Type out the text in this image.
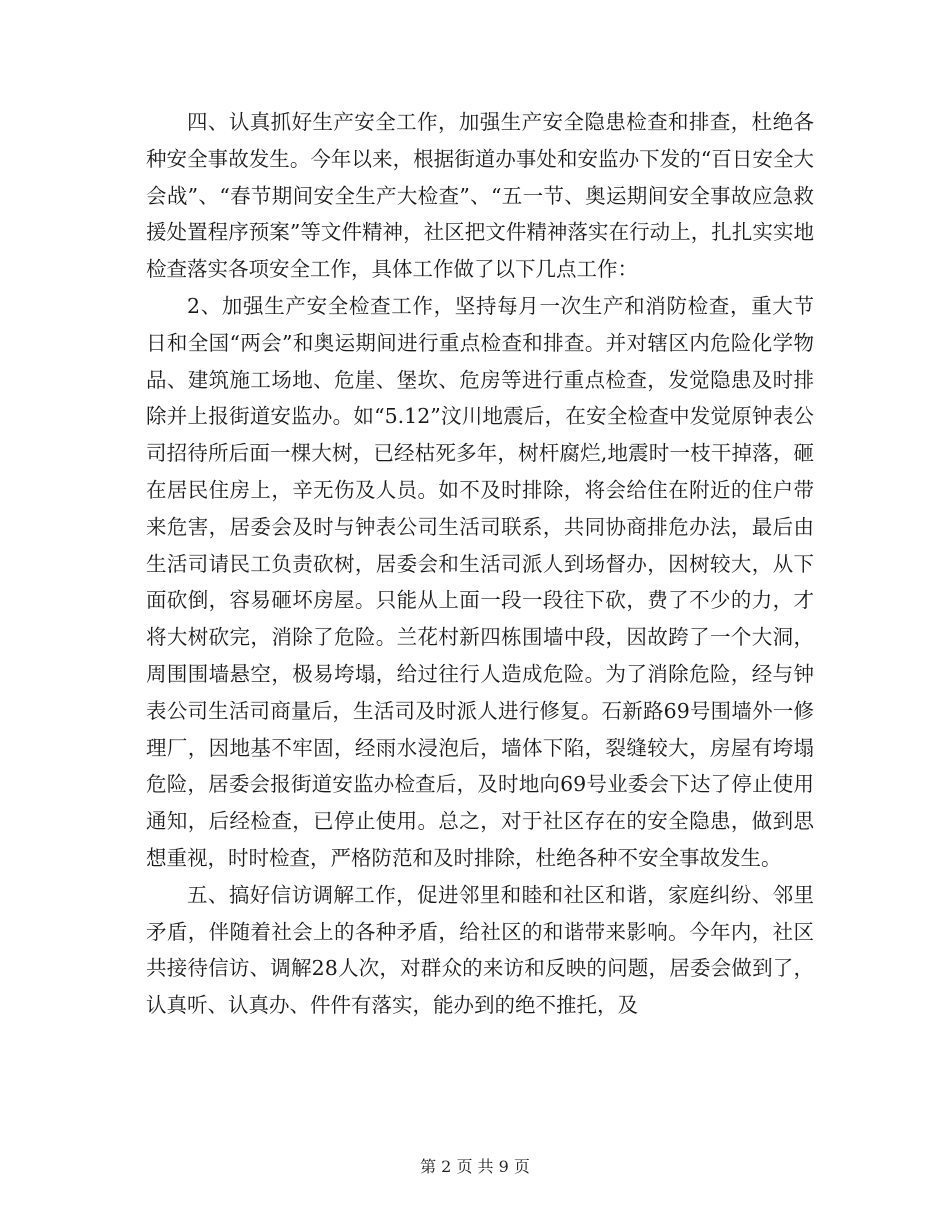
四、认真抓好生产安全工作，加强生产安全隐患检查和排查，杜绝各种安全事故发生。今年以来，根据街道办事处和安监办下发的“百日安全大会战”、“春节期间安全生产大检查”、“五一节、奥运期间安全事故应急救援处置程序预案”等文件精神，社区把文件精神落实在行动上，扎扎实实地检查落实各项安全工作，具体工作做了以下几点工作：

2、加强生产安全检查工作，坚持每月一次生产和消防检查，重大节日和全国“两会”和奥运期间进行重点检查和排查。并对辖区内危险化学物品、建筑施工场地、危崖、堡坎、危房等进行重点检查，发觉隐患及时排除并上报街道安监办。如“5.12”汶川地震后，在安全检查中发觉原钟表公司招待所后面一棵大树，已经枯死多年，树杆腐烂,地震时一枝干掉落，砸在居民住房上，辛无伤及人员。如不及时排除，将会给住在附近的住户带来危害，居委会及时与钟表公司生活司联系，共同协商排危办法，最后由生活司请民工负责砍树，居委会和生活司派人到场督办，因树较大，从下面砍倒，容易砸坏房屋。只能从上面一段一段往下砍，费了不少的力，才将大树砍完，消除了危险。兰花村新四栋围墙中段，因故跨了一个大洞，周围围墙悬空，极易垮塌，给过往行人造成危险。为了消除危险，经与钟表公司生活司商量后，生活司及时派人进行修复。石新路69号围墙外一修理厂，因地基不牢固，经雨水浸泡后，墙体下陷，裂缝较大，房屋有垮塌危险，居委会报街道安监办检查后，及时地向69号业委会下达了停止使用通知，后经检查，已停止使用。总之，对于社区存在的安全隐患，做到思想重视，时时检查，严格防范和及时排除，杜绝各种不安全事故发生。

五、搞好信访调解工作，促进邻里和睦和社区和谐，家庭纠纷、邻里矛盾，伴随着社会上的各种矛盾，给社区的和谐带来影响。今年内，社区共接待信访、调解28人次，对群众的来访和反映的问题，居委会做到了，认真听、认真办、件件有落实，能办到的绝不推托，及

第 2 页 共 9 页
